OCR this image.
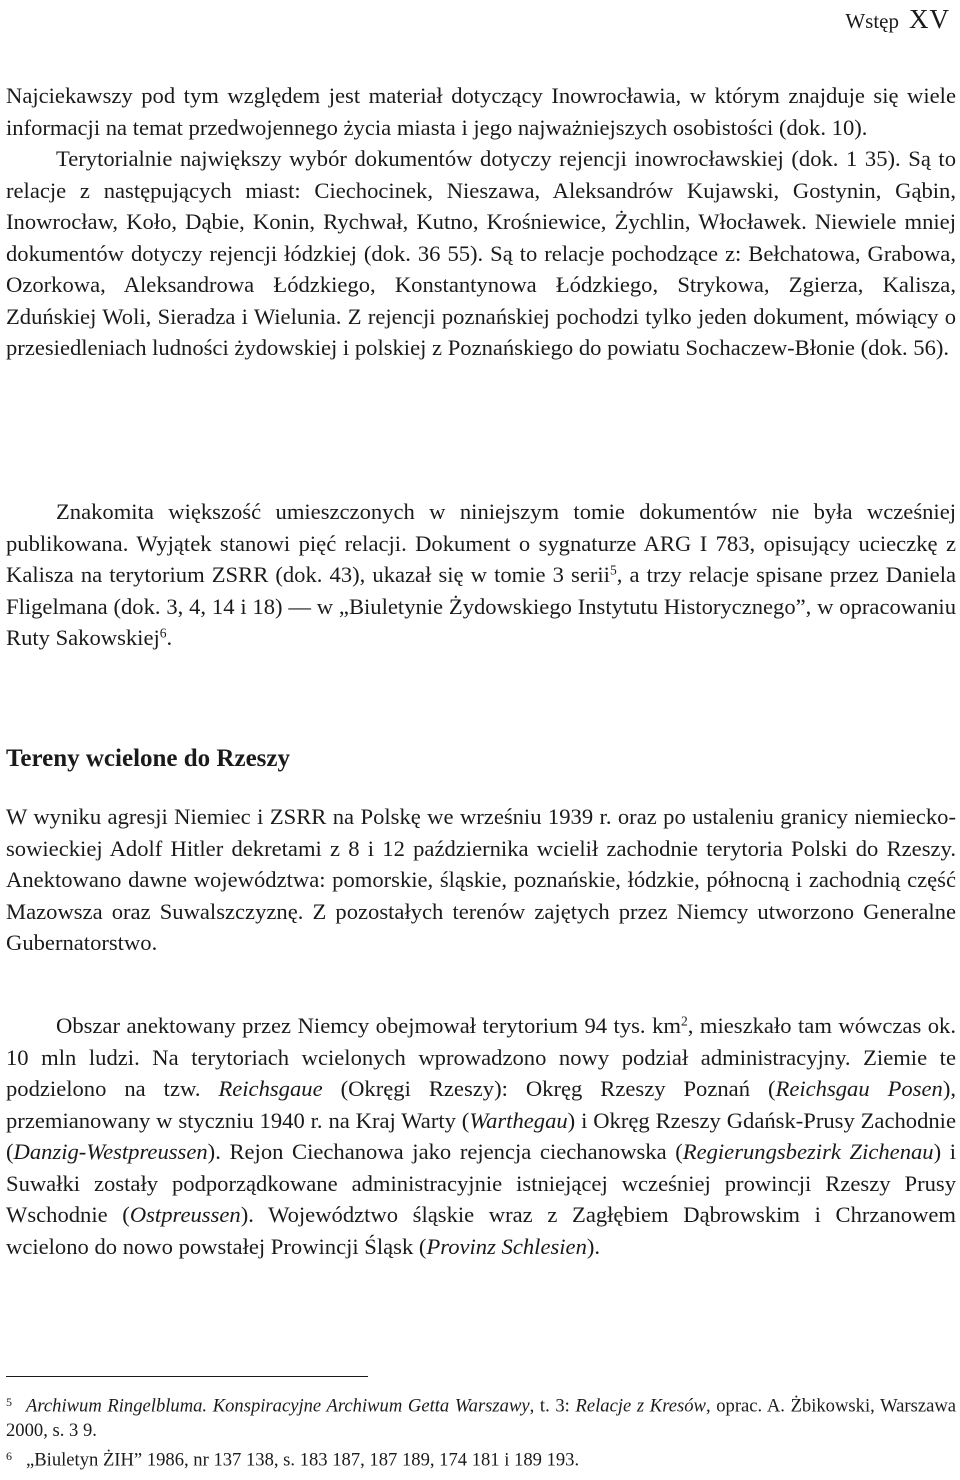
Wstęp XV

Najciekawszy pod tym względem jest materiał dotyczący Inowrocławia, w którym znajduje się wiele informacji na temat przedwojennego życia miasta i jego najważniejszych osobistości (dok. 10).
Terytorialnie największy wybór dokumentów dotyczy rejencji inowrocławskiej (dok. 1 35). Są to relacje z następujących miast: Ciechocinek, Nieszawa, Aleksandrów Kujawski, Gostynin, Gąbin, Inowrocław, Koło, Dąbie, Konin, Rychwał, Kutno, Krośniewice, Żychlin, Włocławek. Niewiele mniej dokumentów dotyczy rejencji łódzkiej (dok. 36 55). Są to relacje pochodzące z: Bełchatowa, Grabowa, Ozorkowa, Aleksandrowa Łódzkiego, Konstantynowa Łódzkiego, Strykowa, Zgierza, Kalisza, Zduńskiej Woli, Sieradza i Wielunia. Z rejencji poznańskiej pochodzi tylko jeden dokument, mówiący o przesiedleniach ludności żydowskiej i polskiej z Poznańskiego do powiatu Sochaczew-Błonie (dok. 56).

Znakomita większość umieszczonych w niniejszym tomie dokumentów nie była wcześniej publikowana. Wyjątek stanowi pięć relacji. Dokument o sygnaturze ARG I 783, opisujący ucieczkę z Kalisza na terytorium ZSRR (dok. 43), ukazał się w tomie 3 serii$^5$, a trzy relacje spisane przez Daniela Fligelmana (dok. 3, 4, 14 i 18) — w „Biuletynie Żydowskiego Instytutu Historycznego”, w opracowaniu Ruty Sakowskiej$^6$.

Tereny wcielone do Rzeszy

W wyniku agresji Niemiec i ZSRR na Polskę we wrześniu 1939 r. oraz po ustaleniu granicy niemiecko-sowieckiej Adolf Hitler dekretami z 8 i 12 października wcielił zachodnie terytoria Polski do Rzeszy. Anektowano dawne województwa: pomorskie, śląskie, poznańskie, łódzkie, północną i zachodnią część Mazowsza oraz Suwalszczyznę. Z pozostałych terenów zajętych przez Niemcy utworzono Generalne Gubernatorstwo.

Obszar anektowany przez Niemcy obejmował terytorium 94 tys. $km^2$, mieszkało tam wówczas ok. 10 mln ludzi. Na terytoriach wcielonych wprowadzono nowy podział administracyjny. Ziemie te podzielono na tzw. Reichsgaue (Okręgi Rzeszy): Okręg Rzeszy Poznań (Reichsgau Posen), przemianowany w styczniu 1940 r. na Kraj Warty (Warthegau) i Okręg Rzeszy Gdańsk-Prusy Zachodnie (Danzig-Westpreussen). Rejon Ciechanowa jako rejencja ciechanowska (Regierungsbezirk Zichenau) i Suwałki zostały podporządkowane administracyjnie istniejącej wcześniej prowincji Rzeszy Prusy Wschodnie (Ostpreussen). Województwo śląskie wraz z Zagłębiem Dąbrowskim i Chrzanowem wcielono do nowo powstałej Prowincji Śląsk (Provinz Schlesien).

5 Archiwum Ringelbluma. Konspiracyjne Archiwum Getta Warszawy, t. 3: Relacje z Kresów, oprac. A. Żbikowski, Warszawa 2000, s. 3 9.

6 „Biuletyn ŻIH” 1986, nr 137 138, s. 183 187, 187 189, 174 181 i 189 193.
